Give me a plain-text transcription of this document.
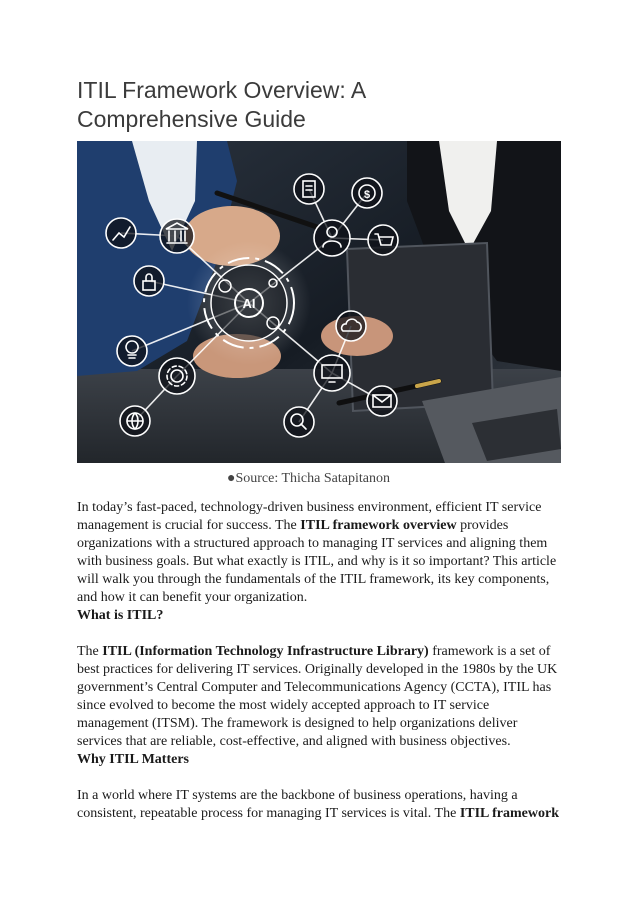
ITIL Framework Overview: A
Comprehensive Guide
AI
$
●Source: Thicha Satapitanon

In today’s fast-paced, technology-driven business environment, efficient IT service management is crucial for success. The ITIL framework overview provides organizations with a structured approach to managing IT services and aligning them with business goals. But what exactly is ITIL, and why is it so important? This article will walk you through the fundamentals of the ITIL framework, its key components, and how it can benefit your organization.

What is ITIL?

The ITIL (Information Technology Infrastructure Library) framework is a set of best practices for delivering IT services. Originally developed in the 1980s by the UK government’s Central Computer and Telecommunications Agency (CCTA), ITIL has since evolved to become the most widely accepted approach to IT service management (ITSM). The framework is designed to help organizations deliver services that are reliable, cost-effective, and aligned with business objectives.

Why ITIL Matters

In a world where IT systems are the backbone of business operations, having a consistent, repeatable process for managing IT services is vital. The ITIL framework
